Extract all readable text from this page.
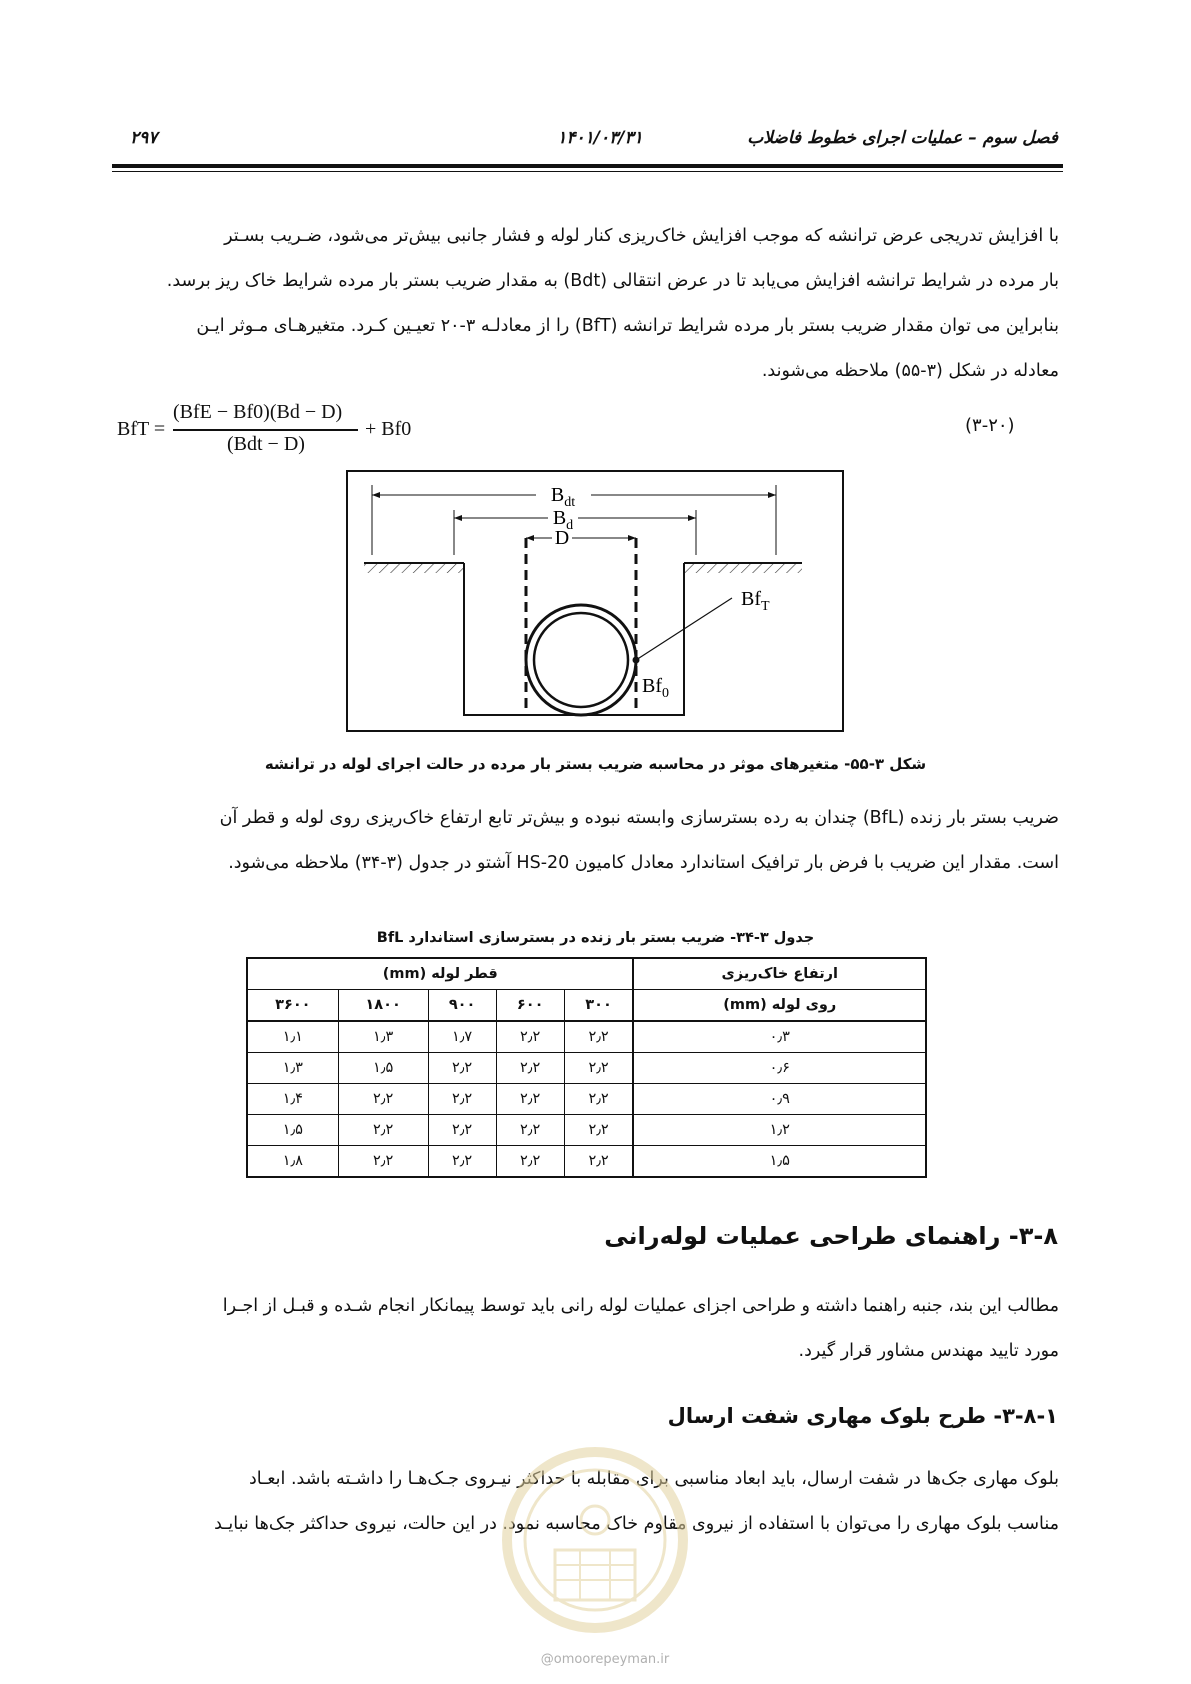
فصل سوم – عملیات اجرای خطوط فاضلاب
۱۴۰۱/۰۳/۳۱
۲۹۷

با افزایش تدریجی عرض ترانشه که موجب افزایش خاک‌ریزی کنار لوله و فشار جانبی بیش‌تر می‌شود، ضـریب بسـتر

بار مرده در شرایط ترانشه افزایش می‌یابد تا در عرض انتقالی (Bdt) به مقدار ضریب بستر بار مرده شرایط خاک ریز برسد.

بنابراین می توان مقدار ضریب بستر بار مرده شرایط ترانشه (BfT) را از معادلـه ۳-۲۰ تعیـین کـرد. متغیرهـای مـوثر ایـن

معادله در شکل (۳-۵۵) ملاحظه می‌شوند.

BfT =
(BfE − Bf0)(Bd − D)
(Bdt − D)
+ Bf0	(۳-۲۰)
$B_{dt}$
$B_d$
D
$Bf_T$
$Bf_0$
شکل ۳-۵۵- متغیرهای موثر در محاسبه ضریب بستر بار مرده در حالت اجرای لوله در ترانشه

ضریب بستر بار زنده (BfL) چندان به رده بسترسازی وابسته نبوده و بیش‌تر تابع ارتفاع خاک‌ریزی روی لوله و قطر آن

است. مقدار این ضریب با فرض بار ترافیک استاندارد معادل کامیون HS-20 آشتو در جدول (۳-۳۴) ملاحظه می‌شود.

جدول ۳-۳۴- ضریب بستر بار زنده در بسترسازی استاندارد BfL
ارتفاع خاک‌ریزی	قطر لوله (mm)				
روی لوله (mm)	۳۰۰	۶۰۰	۹۰۰	۱۸۰۰	۳۶۰۰
۰٫۳	۲٫۲	۲٫۲	۱٫۷	۱٫۳	۱٫۱
۰٫۶	۲٫۲	۲٫۲	۲٫۲	۱٫۵	۱٫۳
۰٫۹	۲٫۲	۲٫۲	۲٫۲	۲٫۲	۱٫۴
۱٫۲	۲٫۲	۲٫۲	۲٫۲	۲٫۲	۱٫۵
۱٫۵	۲٫۲	۲٫۲	۲٫۲	۲٫۲	۱٫۸
۳-۸- راهنمای طراحی عملیات لوله‌رانی

مطالب این بند، جنبه راهنما داشته و طراحی اجزای عملیات لوله رانی باید توسط پیمانکار انجام شـده و قبـل از اجـرا

مورد تایید مهندس مشاور قرار گیرد.

۳-۸-۱- طرح بلوک مهاری شفت ارسال

بلوک مهاری جک‌ها در شفت ارسال، باید ابعاد مناسبی برای مقابله با حداکثر نیـروی جـک‌هـا را داشـته باشد. ابعـاد

مناسب بلوک مهاری را می‌توان با استفاده از نیروی مقاوم خاک محاسبه نمود. در این حالت، نیروی حداکثر جک‌ها نبایـد

@omoorepeyman.ir
